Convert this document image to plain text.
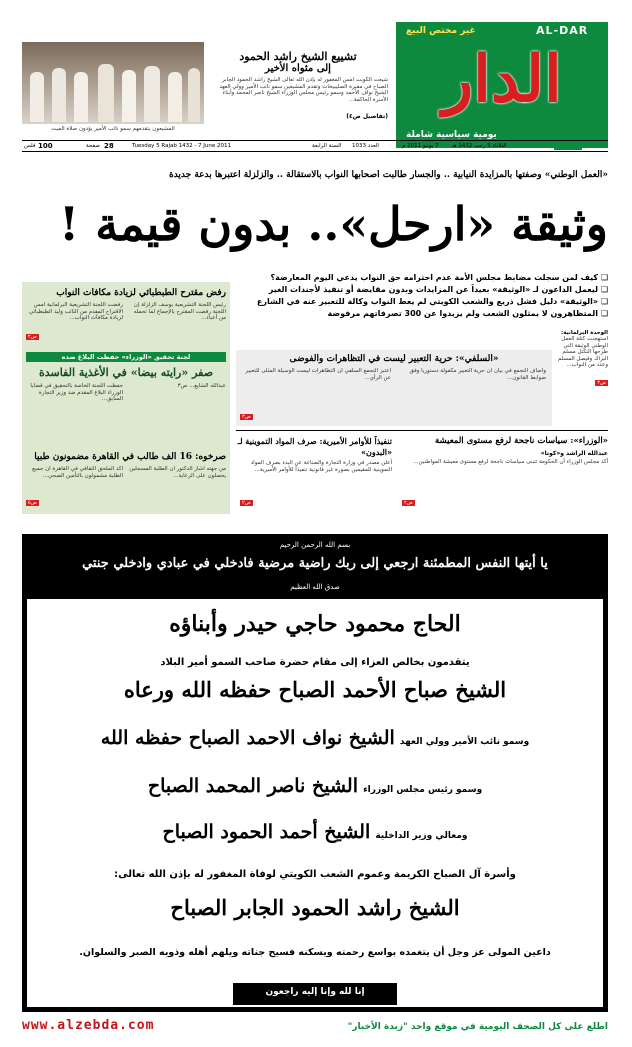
غير مختص البيع	AL-DAR
الدار
يومية سياسية شاملة
تشييع الشيخ راشد الحمود
إلى مثواه الأخير
شيعت الكويت أمس المغفور له بإذن الله تعالى الشيخ راشد الحمود الجابر الصباح في مقبرة الصليبيخات وتقدم المشيعين سمو نائب الأمير وولي العهد الشيخ نواف الأحمد وسمو رئيس مجلس الوزراء الشيخ ناصر المحمد وأبناء الأسرة الحاكمة...
(تفاصيل ص٤)
المشيعون يتقدمهم سمو نائب الأمير يؤدون صلاة الميت
فلس 100	صفحة 28	Tuesday 5 Rajab 1432 - 7 June 2011	العدد 1033	7 يونيو 2011 م الثلاثاء 5 رجب 1432 هـ
السنة الرابعة
«العمل الوطني» وصفتها بالمزايدة النيابية .. والجسار طالبت أصحابها النواب بالاستقالة .. والزلزلة اعتبرها بدعة جديدة
وثيقة «ارحل».. بدون قيمة !
❏ كيف لمن سجلت مضابط مجلس الأمة عدم احترامه حق النواب يدعي اليوم المعارضة؟
❏ ليعمل الداعون لـ «الوثيقة» بعيداً عن المزايدات وبدون مقايضة أو تنفيذ لأجندات الغير
❏ «الوثيقة» دليل فشل ذريع والشعب الكويتي لم يعط النواب وكالة للتعبير عنه في الشارع
❏ المتظاهرون لا يمثلون الشعب ولم يزيدوا عن 300 تصرفاتهم مرفوضة
الوحدة البرلمانية:
استهجنت كتلة العمل الوطني الوثيقة التي طرحها التكتل مسلم البراك وفيصل المسلم وعدد من النواب...
ص٣
رفض مقترح الطبطبائي لزيادة مكافآت النواب
رئيس اللجنة التشريعية يوسف الزلزلة إن اللجنة رفضت المقترح بالإجماع لما تحمله من أعباء...
رفضت اللجنة التشريعية البرلمانية أمس الاقتراح المقدم من النائب وليد الطبطبائي لزيادة مكافآت النواب...
ص٢
لجنة تحقيق «الوزراء» حفظت البلاغ ضده
صفر «رايته بيضا» في الأغذية الفاسدة
عبدالله الشايع... ص٣
حفظت اللجنة الخاصة بالتحقيق في قضايا الوزراء البلاغ المقدم ضد وزير التجارة السابق...
صرخوه: 16 ألف طالب في القاهرة مضمونون طبياً
من جهته أشار الدكتور أن الطلبة المسجلين يحصلون على الرعاية...
أكد الملحق الثقافي في القاهرة أن جميع الطلبة مشمولون بالتأمين الصحي...
ص٥
«السلفي»: حرية التعبير ليست في التظاهرات والفوضى
وأضاف التجمع في بيان أن حرية التعبير مكفولة دستورياً وفق ضوابط القانون...
اعتبر التجمع السلفي أن التظاهرات ليست الوسيلة المثلى للتعبير عن الرأي...
ص٣
«الوزراء»: سياسات ناجحة لرفع مستوى المعيشة
عبدالله الراشد و«كونا»
أكد مجلس الوزراء أن الحكومة تتبنى سياسات ناجحة لرفع مستوى معيشة المواطنين...
ص٢
تنفيذاً للأوامر الأميرية: صرف المواد التموينية لـ «البدون»
أعلن مصدر في وزارة التجارة والصناعة عن البدء بصرف المواد التموينية للمقيمين بصورة غير قانونية تنفيذاً للأوامر الأميرية...
ص٢
بسم الله الرحمن الرحيم
يا أيتها النفس المطمئنة ارجعي إلى ربك راضية مرضية فادخلي في عبادي وادخلي جنتي
صدق الله العظيم
الحاج محمود حاجي حيدر وأبناؤه
يتقدمون بخالص العزاء إلى مقام حضرة صاحب السمو أمير البلاد
الشيخ صباح الأحمد الصباح حفظه الله ورعاه
وسمو نائب الأمير وولي العهد الشيخ نواف الاحمد الصباح حفظه الله
وسمو رئيس مجلس الوزراء الشيخ ناصر المحمد الصباح
ومعالي وزير الداخلية الشيخ أحمد الحمود الصباح
وأسرة آل الصباح الكريمة وعموم الشعب الكويتي لوفاة المغفور له بإذن الله تعالى:
الشيخ راشد الحمود الجابر الصباح
داعين المولى عز وجل أن يتغمده بواسع رحمته ويسكنه فسيح جناته ويلهم أهله وذويه الصبر والسلوان.
إنا لله وإنا إليه راجعون
www.alzebda.com	اطلع على كل الصحف اليومية في موقع واحد "زبدة الأخبار"
